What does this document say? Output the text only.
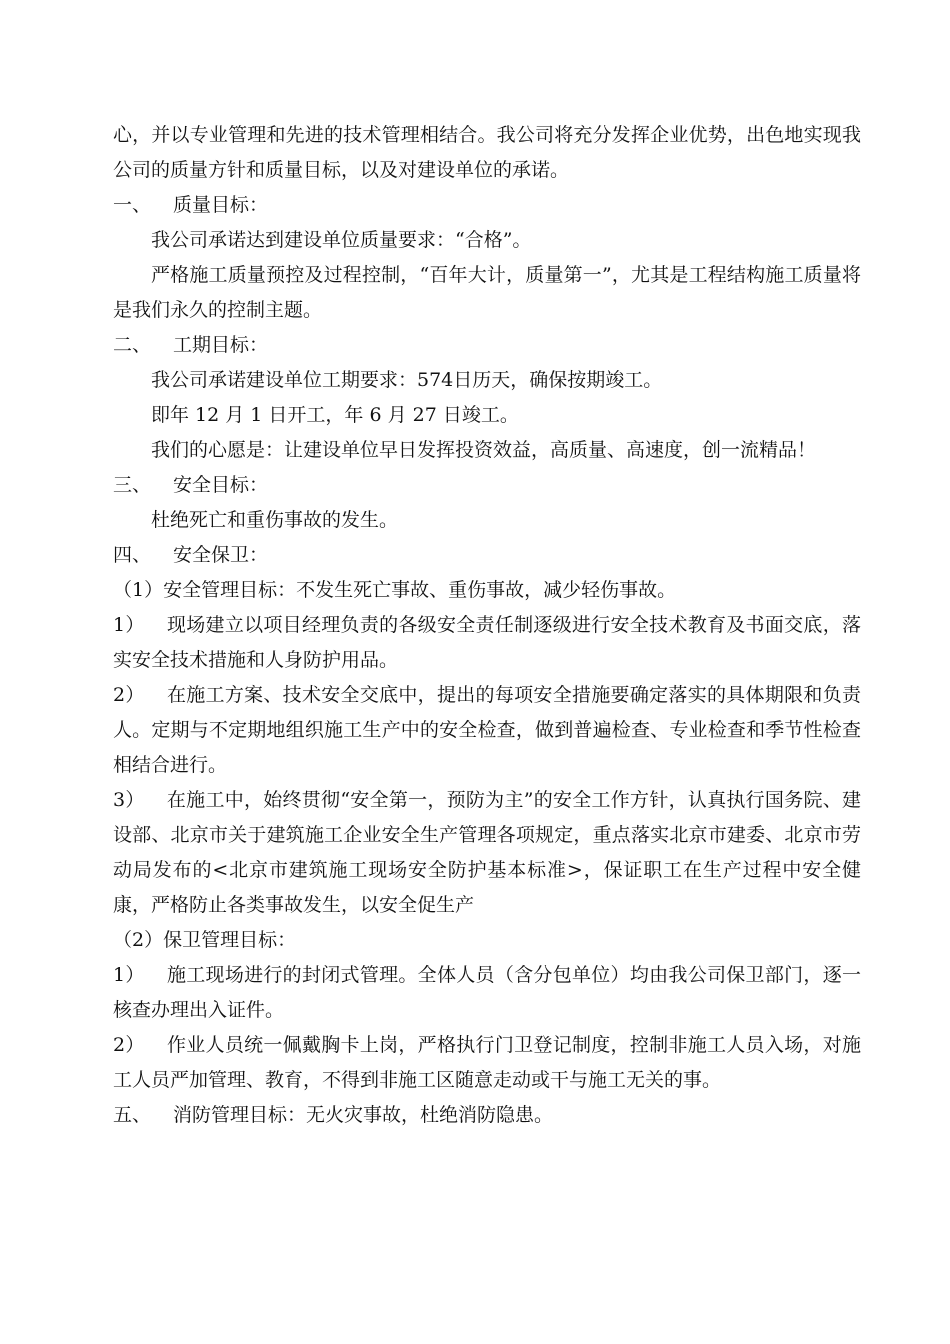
心，并以专业管理和先进的技术管理相结合。我公司将充分发挥企业优势，出色地实现我公司的质量方针和质量目标，以及对建设单位的承诺。

一、 质量目标：

我公司承诺达到建设单位质量要求：“合格”。

严格施工质量预控及过程控制，“百年大计，质量第一”，尤其是工程结构施工质量将是我们永久的控制主题。

二、 工期目标：

我公司承诺建设单位工期要求：574日历天，确保按期竣工。

即年 12 月 1 日开工，年 6 月 27 日竣工。

我们的心愿是：让建设单位早日发挥投资效益，高质量、高速度，创一流精品！

三、 安全目标：

杜绝死亡和重伤事故的发生。

四、 安全保卫：

（1）安全管理目标：不发生死亡事故、重伤事故，减少轻伤事故。

1） 现场建立以项目经理负责的各级安全责任制逐级进行安全技术教育及书面交底，落实安全技术措施和人身防护用品。

2） 在施工方案、技术安全交底中，提出的每项安全措施要确定落实的具体期限和负责人。定期与不定期地组织施工生产中的安全检查，做到普遍检查、专业检查和季节性检查相结合进行。

3） 在施工中，始终贯彻“安全第一，预防为主”的安全工作方针，认真执行国务院、建设部、北京市关于建筑施工企业安全生产管理各项规定，重点落实北京市建委、北京市劳动局发布的<北京市建筑施工现场安全防护基本标准>，保证职工在生产过程中安全健康，严格防止各类事故发生，以安全促生产

（2）保卫管理目标：

1） 施工现场进行的封闭式管理。全体人员（含分包单位）均由我公司保卫部门，逐一核查办理出入证件。

2） 作业人员统一佩戴胸卡上岗，严格执行门卫登记制度，控制非施工人员入场，对施工人员严加管理、教育，不得到非施工区随意走动或干与施工无关的事。

五、 消防管理目标：无火灾事故，杜绝消防隐患。
